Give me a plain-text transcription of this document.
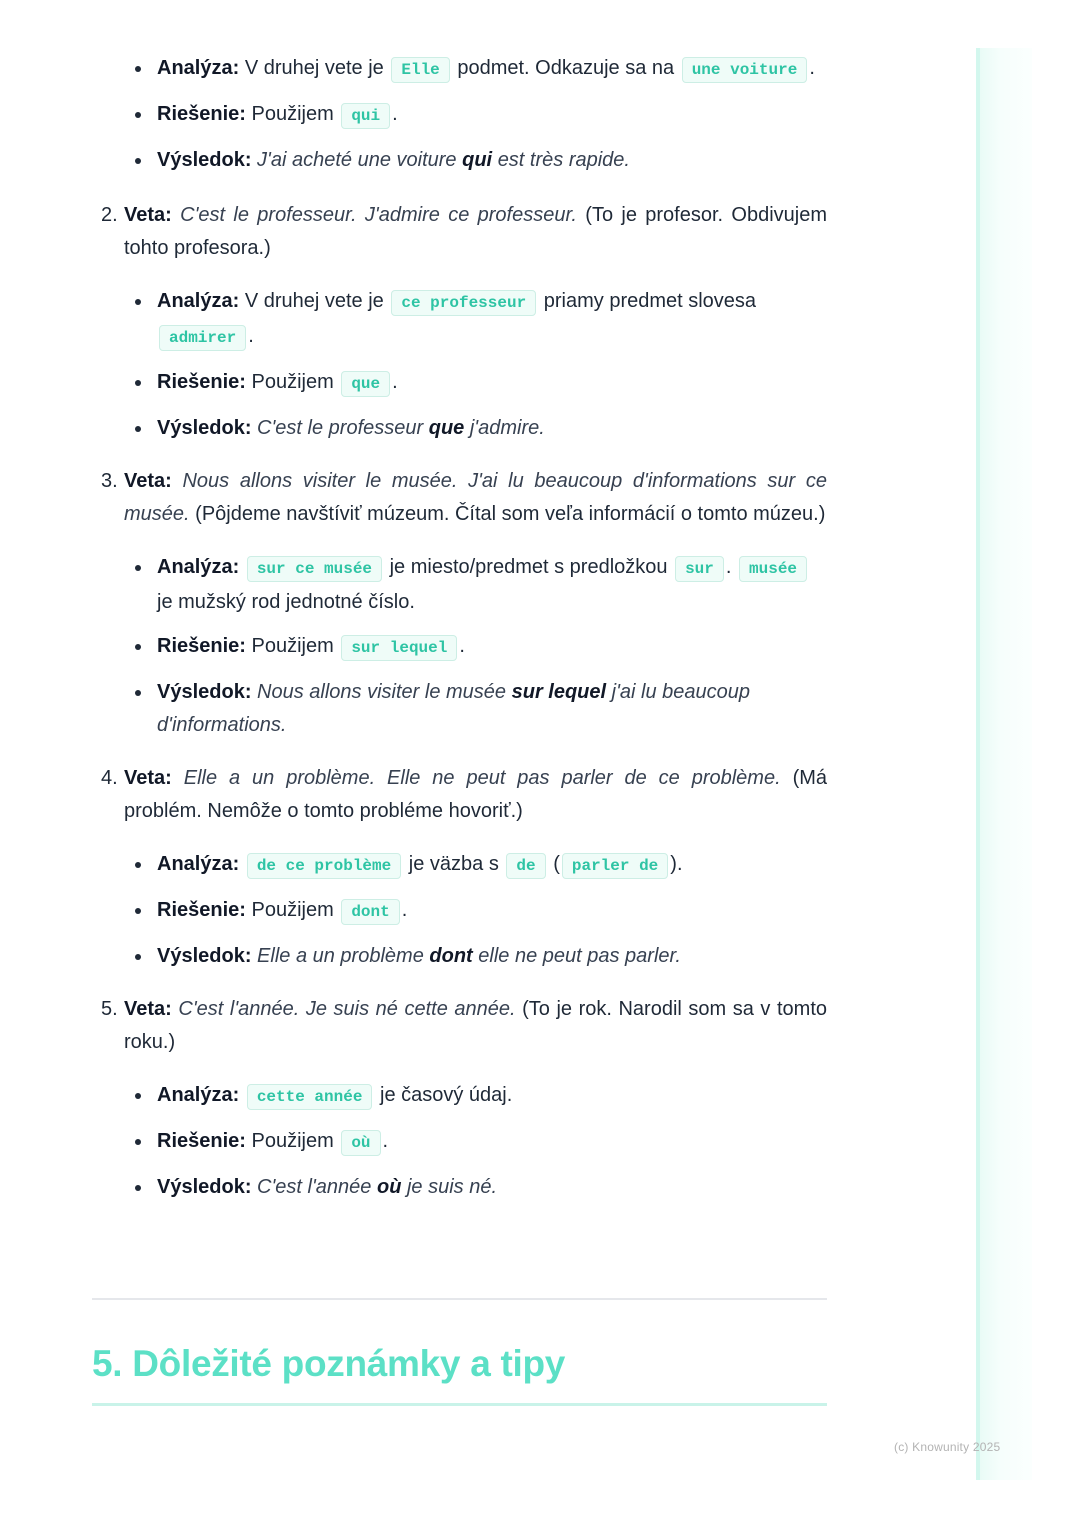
Analýza: V druhej vete je Elle podmet. Odkazuje sa na une voiture .
Riešenie: Použijem qui .
Výsledok: J'ai acheté une voiture qui est très rapide.
2. Veta: C'est le professeur. J'admire ce professeur. (To je profesor. Obdivujem tohto profesora.)
Analýza: V druhej vete je ce professeur priamy predmet slovesa admirer .
Riešenie: Použijem que .
Výsledok: C'est le professeur que j'admire.
3. Veta: Nous allons visiter le musée. J'ai lu beaucoup d'informations sur ce musée. (Pôjdeme navštíviť múzeum. Čítal som veľa informácií o tomto múzeu.)
Analýza: sur ce musée je miesto/predmet s predložkou sur . musée je mužský rod jednotné číslo.
Riešenie: Použijem sur lequel .
Výsledok: Nous allons visiter le musée sur lequel j'ai lu beaucoup d'informations.
4. Veta: Elle a un problème. Elle ne peut pas parler de ce problème. (Má problém. Nemôže o tomto probléme hovoriť.)
Analýza: de ce problème je väzba s de ( parler de ).
Riešenie: Použijem dont .
Výsledok: Elle a un problème dont elle ne peut pas parler.
5. Veta: C'est l'année. Je suis né cette année. (To je rok. Narodil som sa v tomto roku.)
Analýza: cette année je časový údaj.
Riešenie: Použijem où .
Výsledok: C'est l'année où je suis né.
5. Dôležité poznámky a tipy
(c) Knowunity 2025
